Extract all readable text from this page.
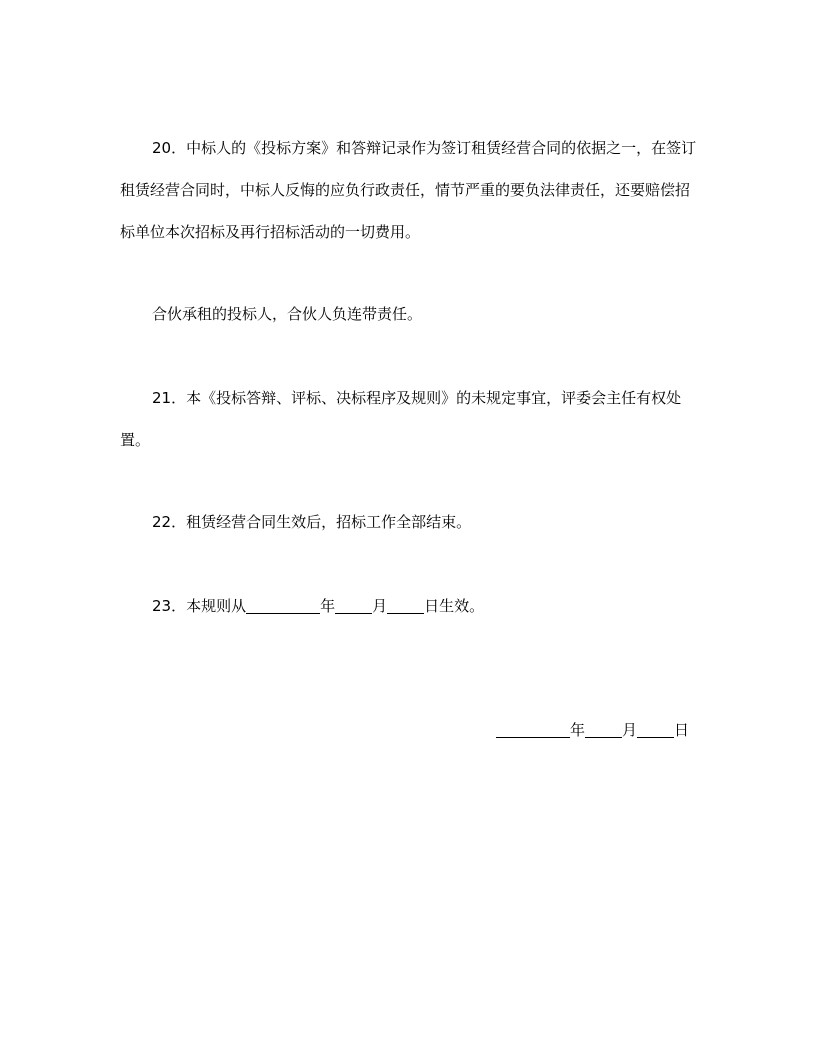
20．中标人的《投标方案》和答辩记录作为签订租赁经营合同的依据之一，在签订租赁经营合同时，中标人反悔的应负行政责任，情节严重的要负法律责任，还要赔偿招标单位本次招标及再行招标活动的一切费用。

合伙承租的投标人，合伙人负连带责任。

21．本《投标答辩、评标、决标程序及规则》的未规定事宜，评委会主任有权处置。

22．租赁经营合同生效后，招标工作全部结束。

23．本规则从	年 月 日生效。

年 月 日
